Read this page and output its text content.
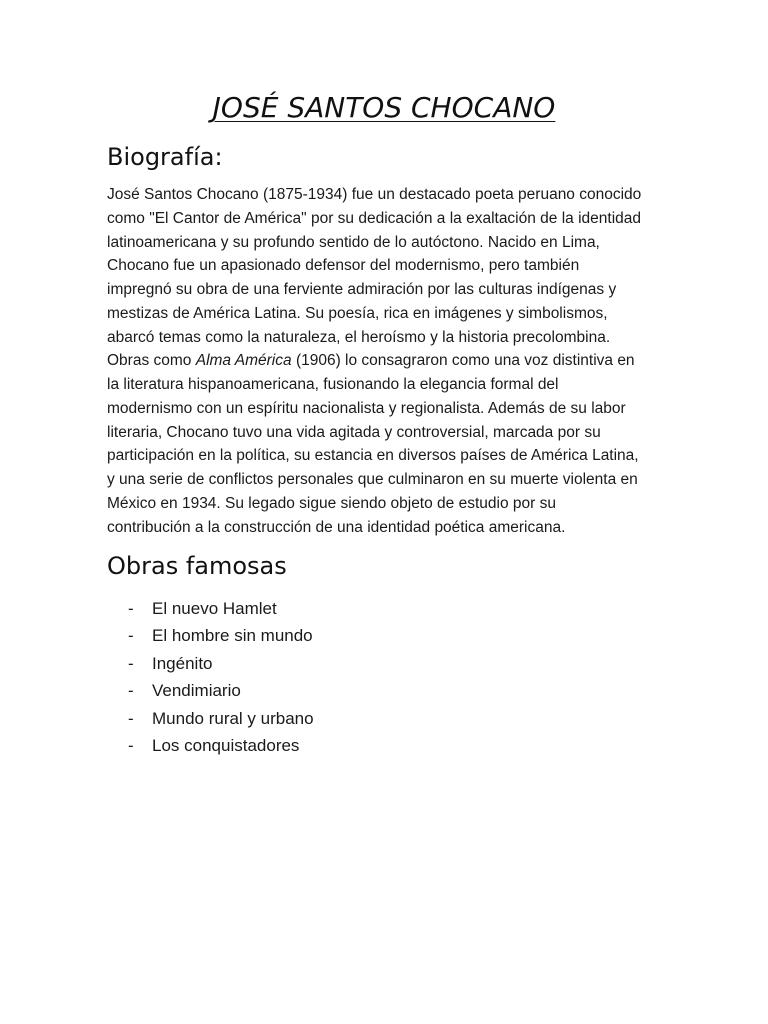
JOSÉ SANTOS CHOCANO
Biografía:

José Santos Chocano (1875-1934) fue un destacado poeta peruano conocido
como "El Cantor de América" por su dedicación a la exaltación de la identidad
latinoamericana y su profundo sentido de lo autóctono. Nacido en Lima,
Chocano fue un apasionado defensor del modernismo, pero también
impregnó su obra de una ferviente admiración por las culturas indígenas y
mestizas de América Latina. Su poesía, rica en imágenes y simbolismos,
abarcó temas como la naturaleza, el heroísmo y la historia precolombina.
Obras como Alma América (1906) lo consagraron como una voz distintiva en
la literatura hispanoamericana, fusionando la elegancia formal del
modernismo con un espíritu nacionalista y regionalista. Además de su labor
literaria, Chocano tuvo una vida agitada y controversial, marcada por su
participación en la política, su estancia en diversos países de América Latina,
y una serie de conflictos personales que culminaron en su muerte violenta en
México en 1934. Su legado sigue siendo objeto de estudio por su
contribución a la construcción de una identidad poética americana.

Obras famosas
- El nuevo Hamlet
- El hombre sin mundo
- Ingénito
- Vendimiario
- Mundo rural y urbano
- Los conquistadores
